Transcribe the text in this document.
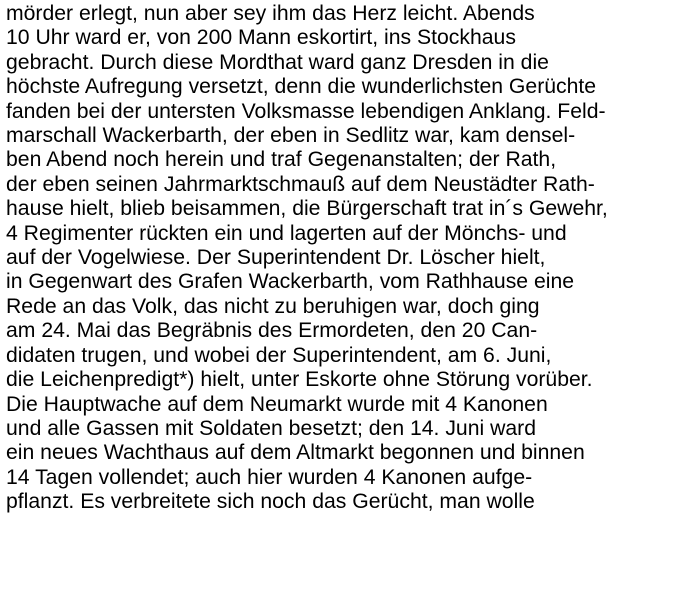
mörder erlegt, nun aber sey ihm das Herz leicht. Abends
10 Uhr ward er, von 200 Mann eskortirt, ins Stockhaus
gebracht. Durch diese Mordthat ward ganz Dresden in die
höchste Aufregung versetzt, denn die wunderlichsten Gerüchte
fanden bei der untersten Volksmasse lebendigen Anklang. Feld-
marschall Wackerbarth, der eben in Sedlitz war, kam densel-
ben Abend noch herein und traf Gegenanstalten; der Rath,
der eben seinen Jahrmarktschmauß auf dem Neustädter Rath-
hause hielt, blieb beisammen, die Bürgerschaft trat in´s Gewehr,
4 Regimenter rückten ein und lagerten auf der Mönchs- und
auf der Vogelwiese. Der Superintendent Dr. Löscher hielt,
in Gegenwart des Grafen Wackerbarth, vom Rathhause eine
Rede an das Volk, das nicht zu beruhigen war, doch ging
am 24. Mai das Begräbnis des Ermordeten, den 20 Can-
didaten trugen, und wobei der Superintendent, am 6. Juni,
die Leichenpredigt*) hielt, unter Eskorte ohne Störung vorüber.
Die Hauptwache auf dem Neumarkt wurde mit 4 Kanonen
und alle Gassen mit Soldaten besetzt; den 14. Juni ward
ein neues Wachthaus auf dem Altmarkt begonnen und binnen
14 Tagen vollendet; auch hier wurden 4 Kanonen aufge-
pflanzt. Es verbreitete sich noch das Gerücht, man wolle
